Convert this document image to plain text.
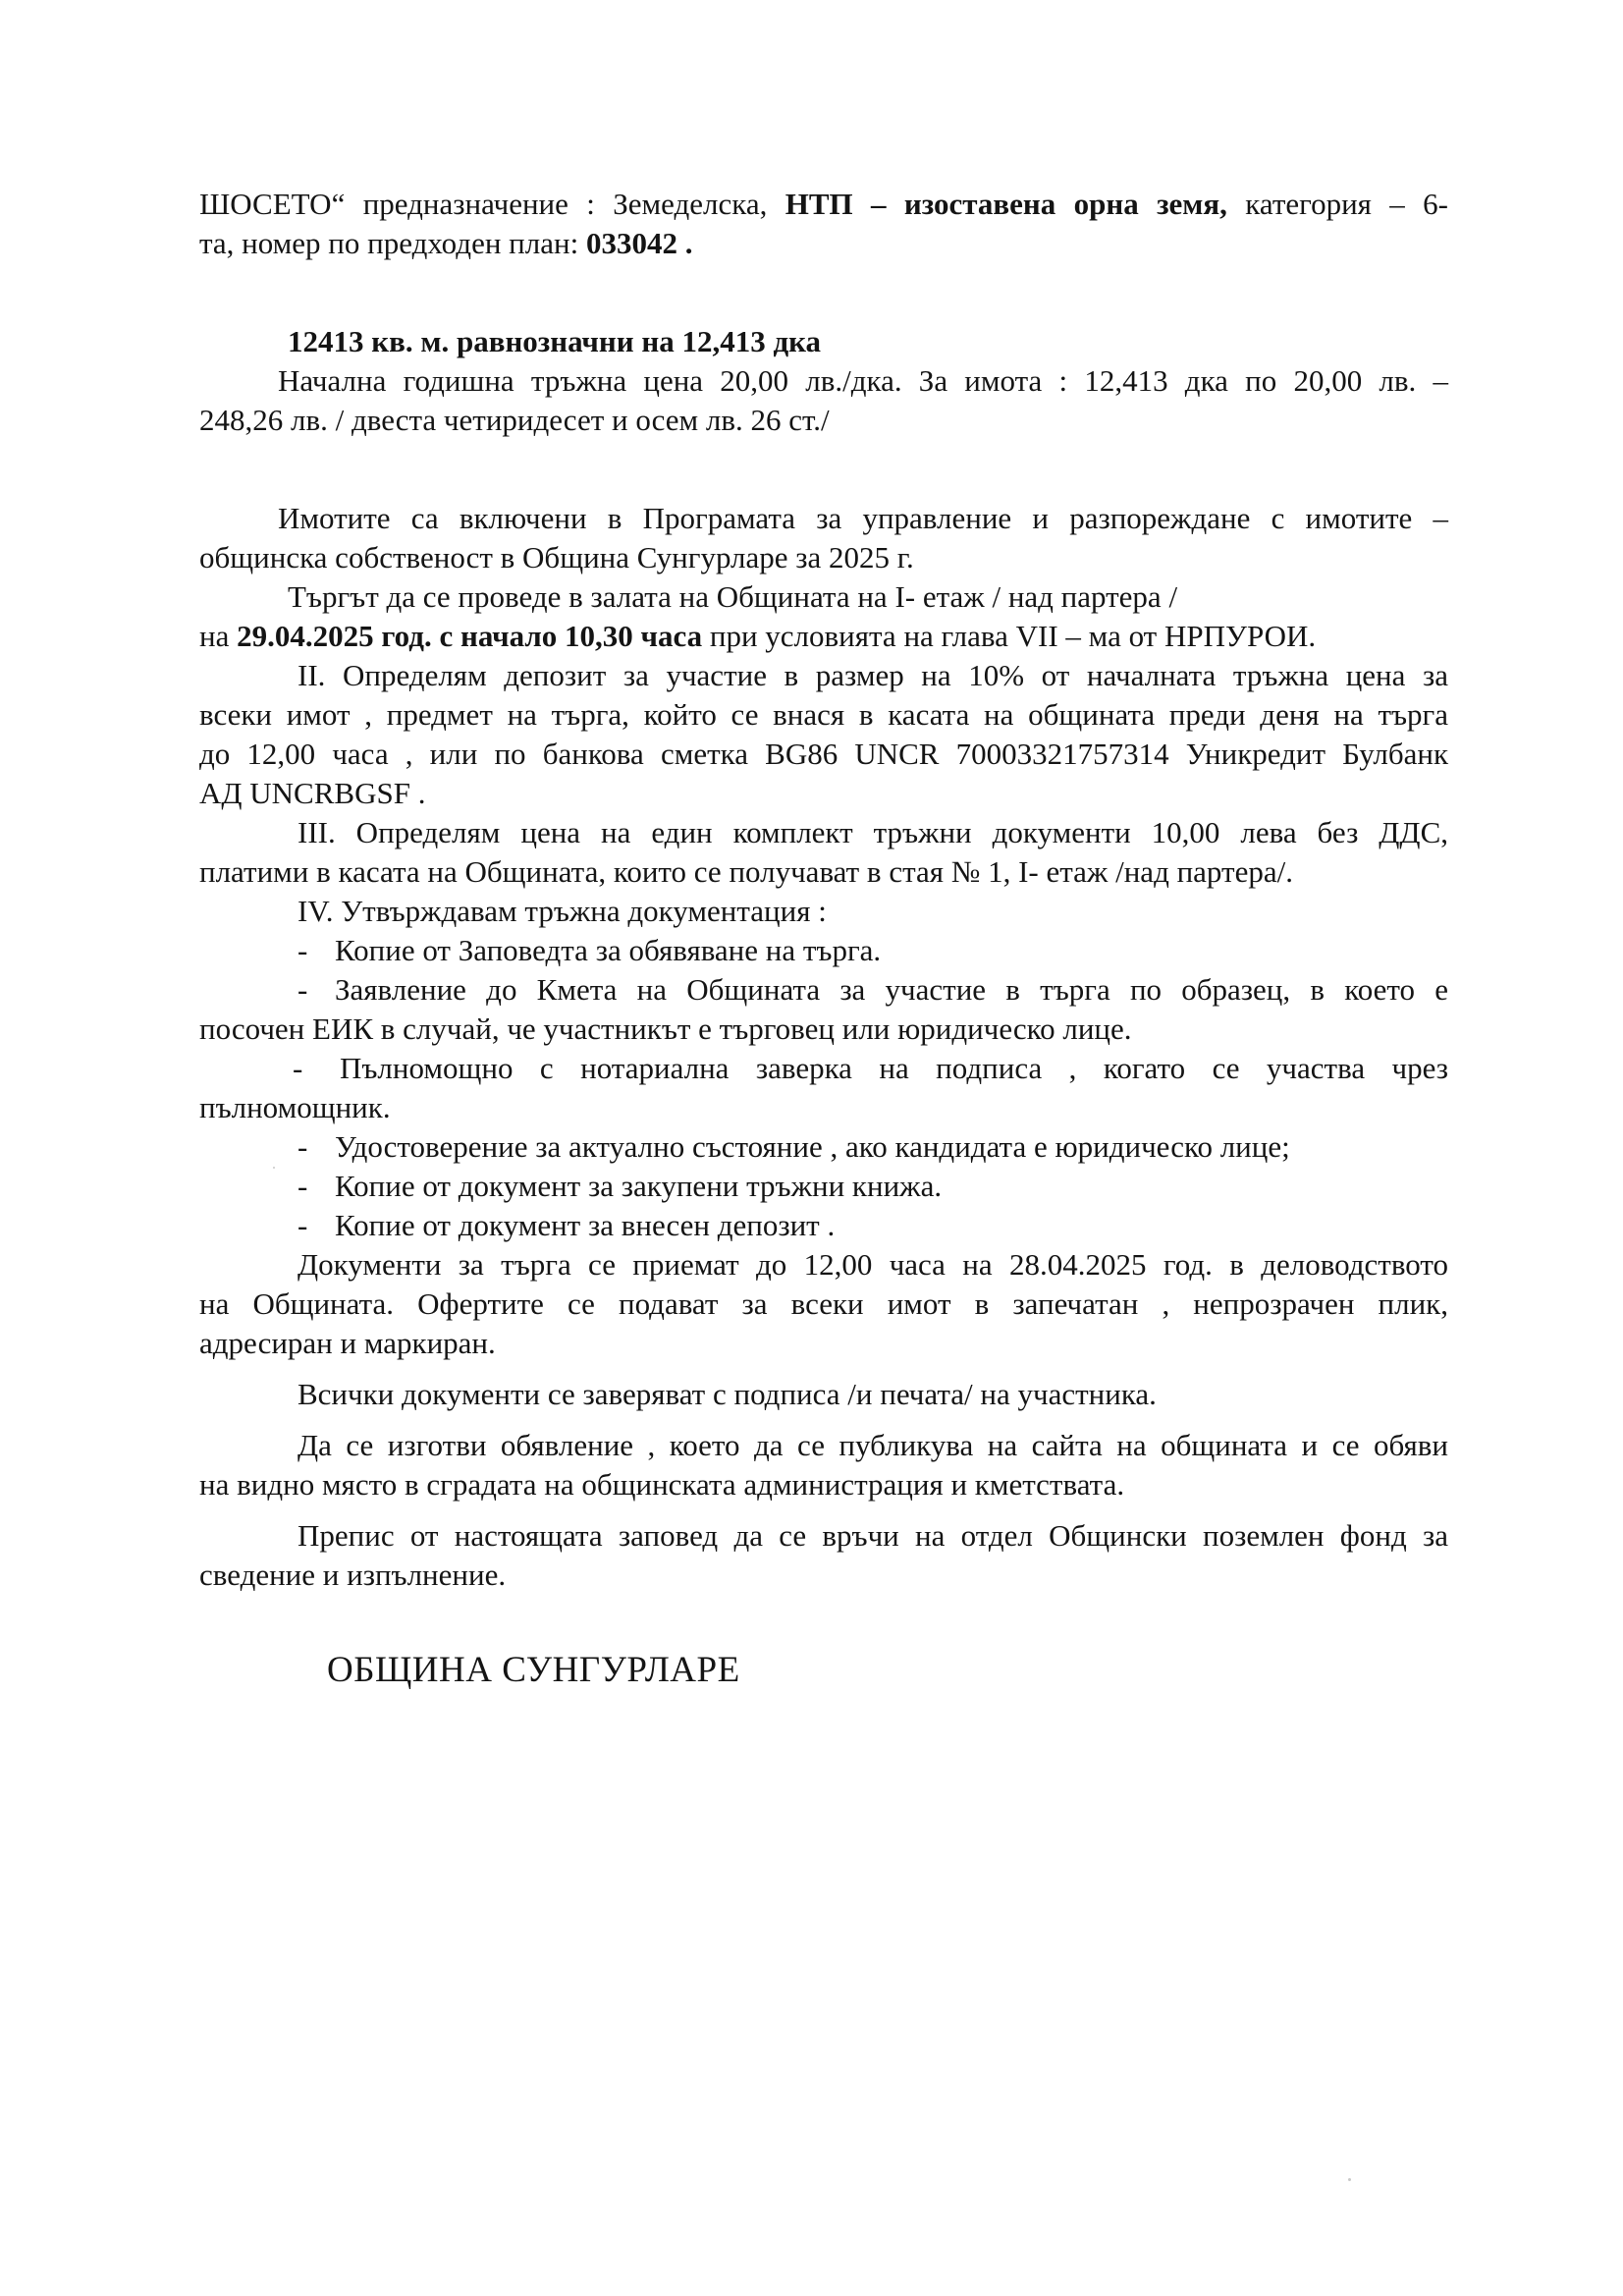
ШОСЕТО“ предназначение : Земеделска, НТП – изоставена орна земя, категория – 6-

та, номер по предходен план: 033042 .

12413 кв. м. равнозначни на 12,413 дка

Начална годишна тръжна цена 20,00 лв./дка. За имота : 12,413 дка по 20,00 лв. –

248,26 лв. / двеста четиридесет и осем лв. 26 ст./

Имотите са включени в Програмата за управление и разпореждане с имотите –

общинска собственост в Община Сунгурларе за 2025 г.

Търгът да се проведе в залата на Общината на I- етаж / над партера /

на 29.04.2025 год. с начало 10,30 часа при условията на глава VII – ма от НРПУРОИ.

II. Определям депозит за участие в размер на 10% от началната тръжна цена за

всеки имот , предмет на търга, който се внася в касата на общината преди деня на търга

до 12,00 часа , или по банкова сметка BG86 UNCR 70003321757314 Уникредит Булбанк

АД UNCRBGSF .

III. Определям цена на един комплект тръжни документи 10,00 лева без ДДС,

платими в касата на Общината, които се получават в стая № 1, I- етаж /над партера/.

IV. Утвърждавам тръжна документация :

- Копие от Заповедта за обявяване на търга.

- Заявление до Кмета на Общината за участие в търга по образец, в което е

посочен ЕИК в случай, че участникът е търговец или юридическо лице.

- Пълномощно с нотариална заверка на подписа , когато се участва чрез

пълномощник.

- Удостоверение за актуално състояние , ако кандидата е юридическо лице;

- Копие от документ за закупени тръжни книжа.

- Копие от документ за внесен депозит .

Документи за търга се приемат до 12,00 часа на 28.04.2025 год. в деловодството

на Общината. Офертите се подават за всеки имот в запечатан , непрозрачен плик,

адресиран и маркиран.

Всички документи се заверяват с подписа /и печата/ на участника.

Да се изготви обявление , което да се публикува на сайта на общината и се обяви

на видно място в сградата на общинската администрация и кметствата.

Препис от настоящата заповед да се връчи на отдел Общински поземлен фонд за

сведение и изпълнение.

ОБЩИНА СУНГУРЛАРЕ
